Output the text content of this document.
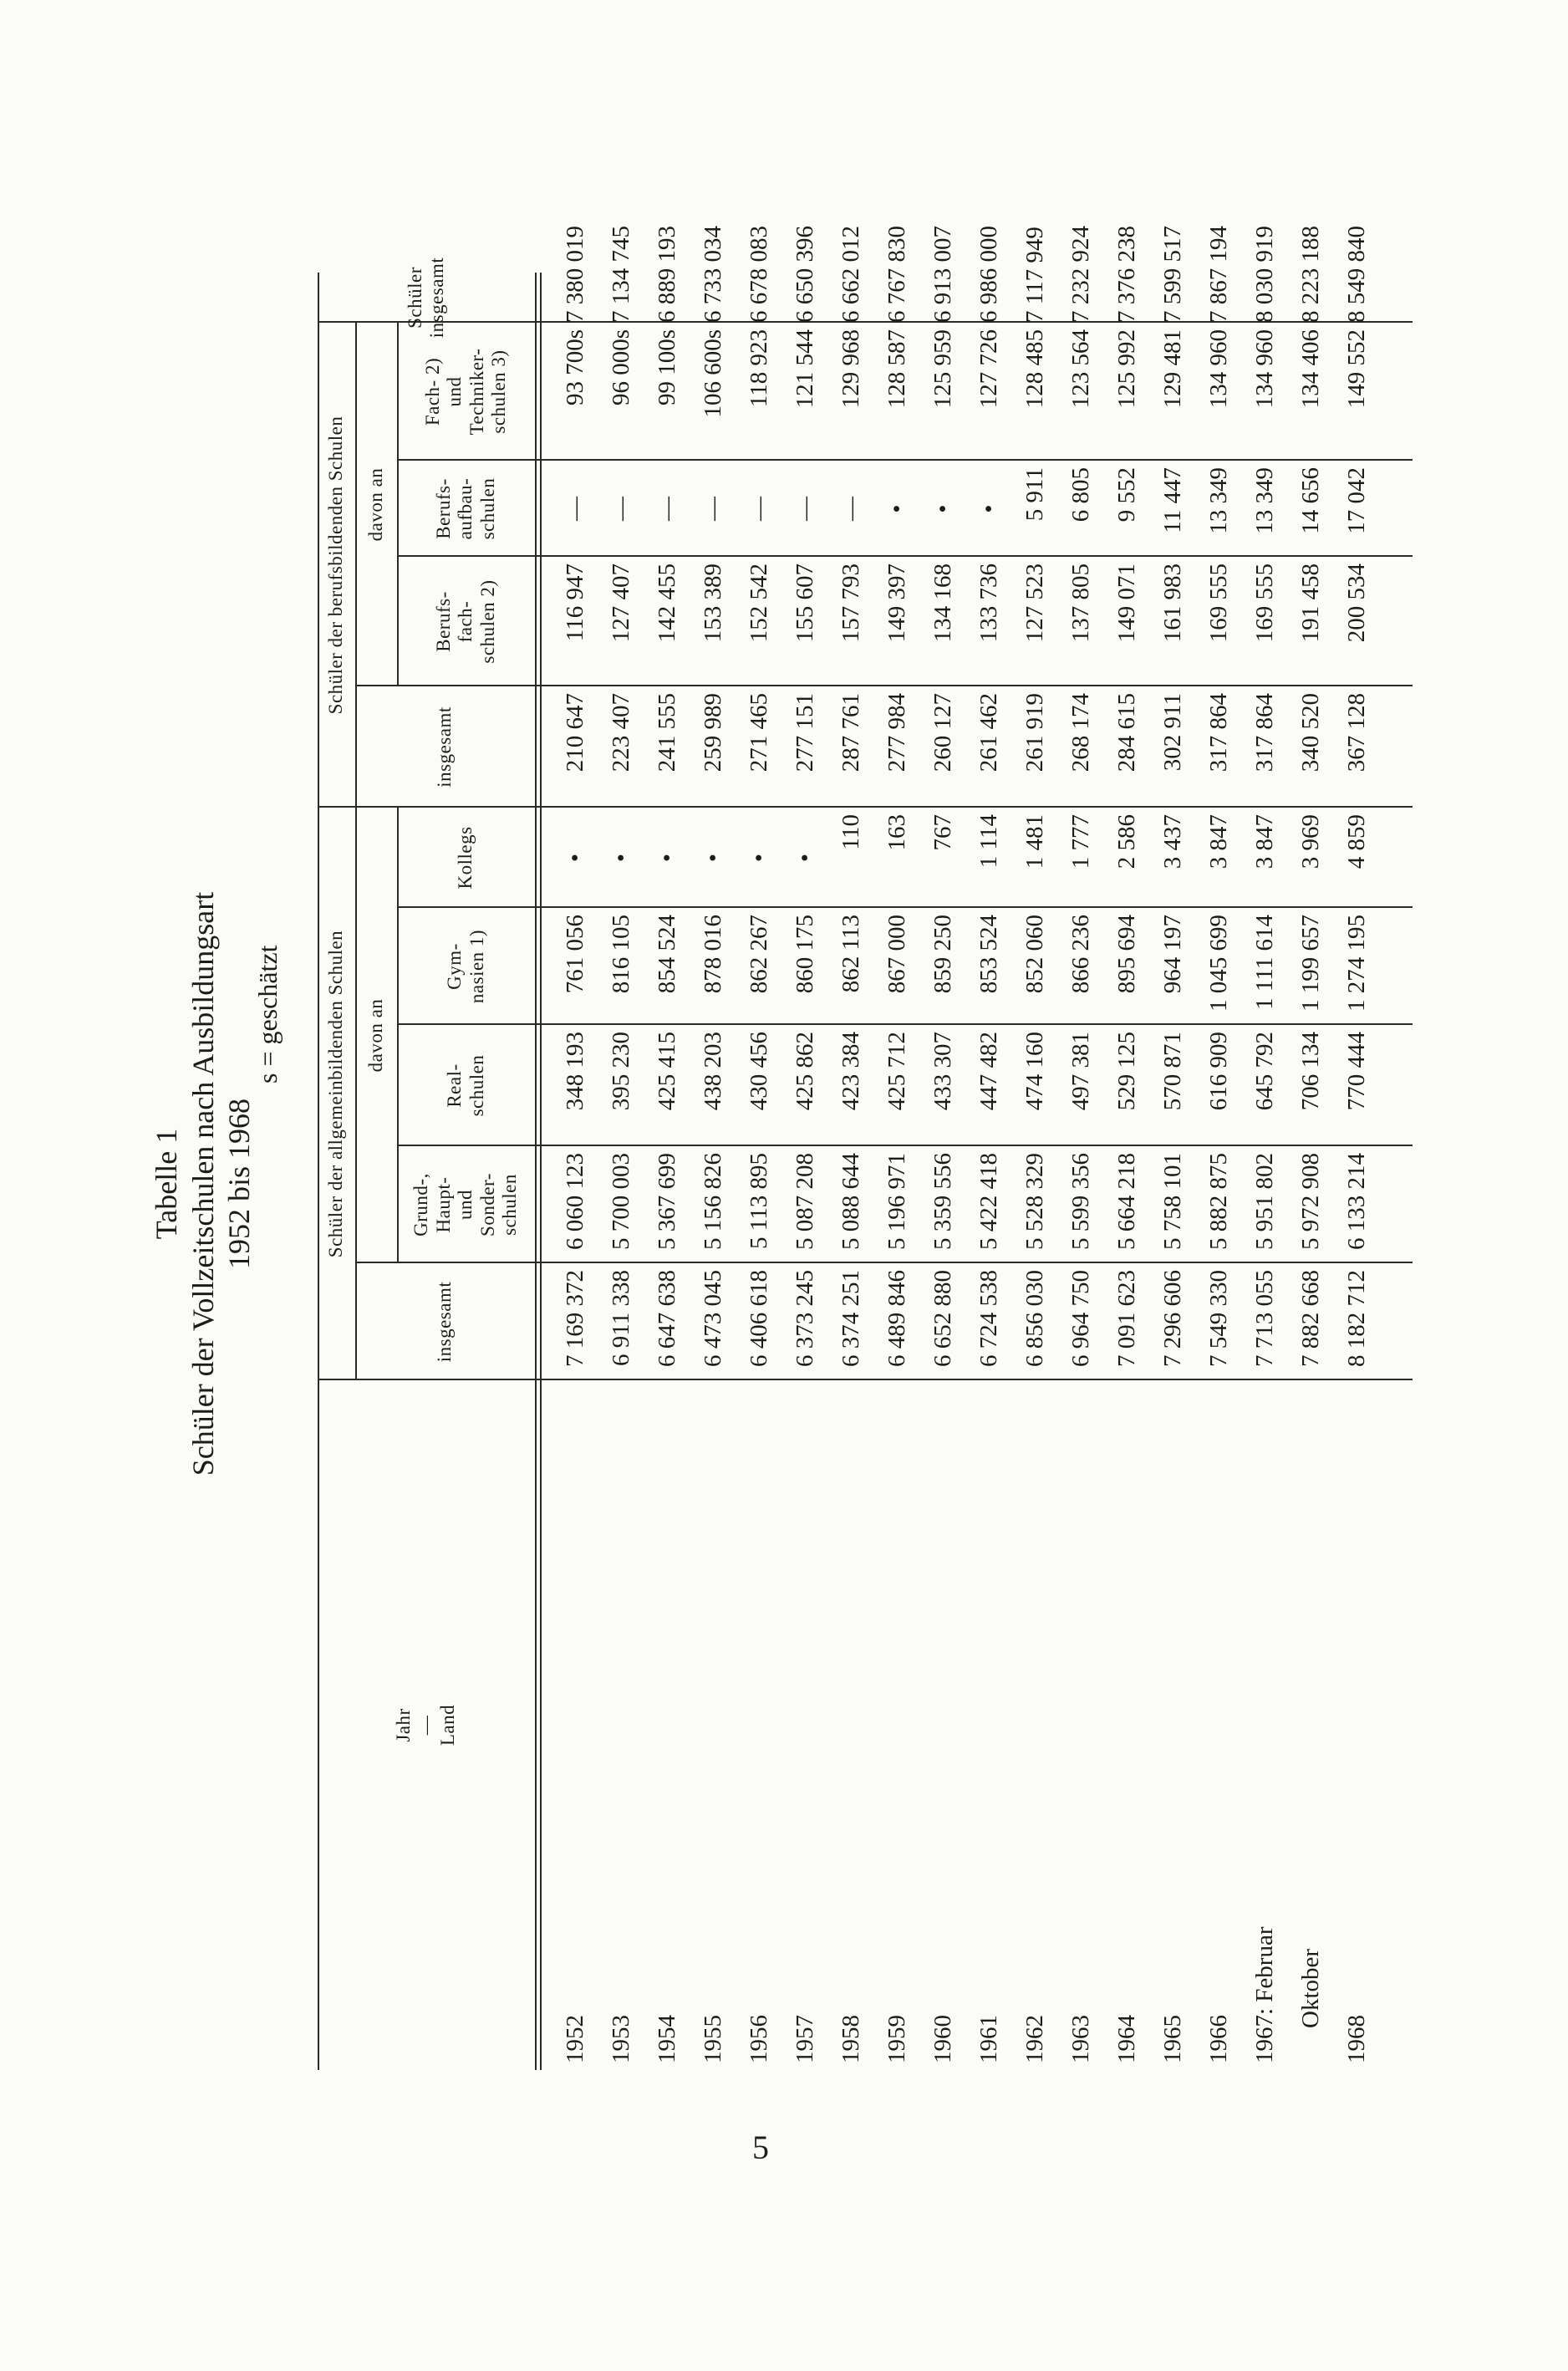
5
Tabelle 1 Schüler der Vollzeitschulen nach Ausbildungsart 1952 bis 1968
s = geschätzt
Jahr — Land
Schüler der allgemeinbildenden Schulen
Schüler der berufsbildenden Schulen
davon an
davon an
insgesamt
insgesamt
Grund-, Haupt- und Sonder- schulen
Real- schulen
Gym- nasien 1)
Kollegs
Berufs- fach- schulen 2)
Berufs- aufbau- schulen
Fach- 2) und Techniker- schulen 3)
Schüler insgesamt
1952
7 169 372
6 060 123
348 193
761 056
•
210 647
116 947
—
93 700s
7 380 019
1953
6 911 338
5 700 003
395 230
816 105
•
223 407
127 407
—
96 000s
7 134 745
1954
6 647 638
5 367 699
425 415
854 524
•
241 555
142 455
—
99 100s
6 889 193
1955
6 473 045
5 156 826
438 203
878 016
•
259 989
153 389
—
106 600s
6 733 034
1956
6 406 618
5 113 895
430 456
862 267
•
271 465
152 542
—
118 923
6 678 083
1957
6 373 245
5 087 208
425 862
860 175
•
277 151
155 607
—
121 544
6 650 396
1958
6 374 251
5 088 644
423 384
862 113
110
287 761
157 793
—
129 968
6 662 012
1959
6 489 846
5 196 971
425 712
867 000
163
277 984
149 397
•
128 587
6 767 830
1960
6 652 880
5 359 556
433 307
859 250
767
260 127
134 168
•
125 959
6 913 007
1961
6 724 538
5 422 418
447 482
853 524
1 114
261 462
133 736
•
127 726
6 986 000
1962
6 856 030
5 528 329
474 160
852 060
1 481
261 919
127 523
5 911
128 485
7 117 949
1963
6 964 750
5 599 356
497 381
866 236
1 777
268 174
137 805
6 805
123 564
7 232 924
1964
7 091 623
5 664 218
529 125
895 694
2 586
284 615
149 071
9 552
125 992
7 376 238
1965
7 296 606
5 758 101
570 871
964 197
3 437
302 911
161 983
11 447
129 481
7 599 517
1966
7 549 330
5 882 875
616 909
1 045 699
3 847
317 864
169 555
13 349
134 960
7 867 194
1967: Februar
7 713 055
5 951 802
645 792
1 111 614
3 847
317 864
169 555
13 349
134 960
8 030 919
Oktober
7 882 668
5 972 908
706 134
1 199 657
3 969
340 520
191 458
14 656
134 406
8 223 188
1968
8 182 712
6 133 214
770 444
1 274 195
4 859
367 128
200 534
17 042
149 552
8 549 840
